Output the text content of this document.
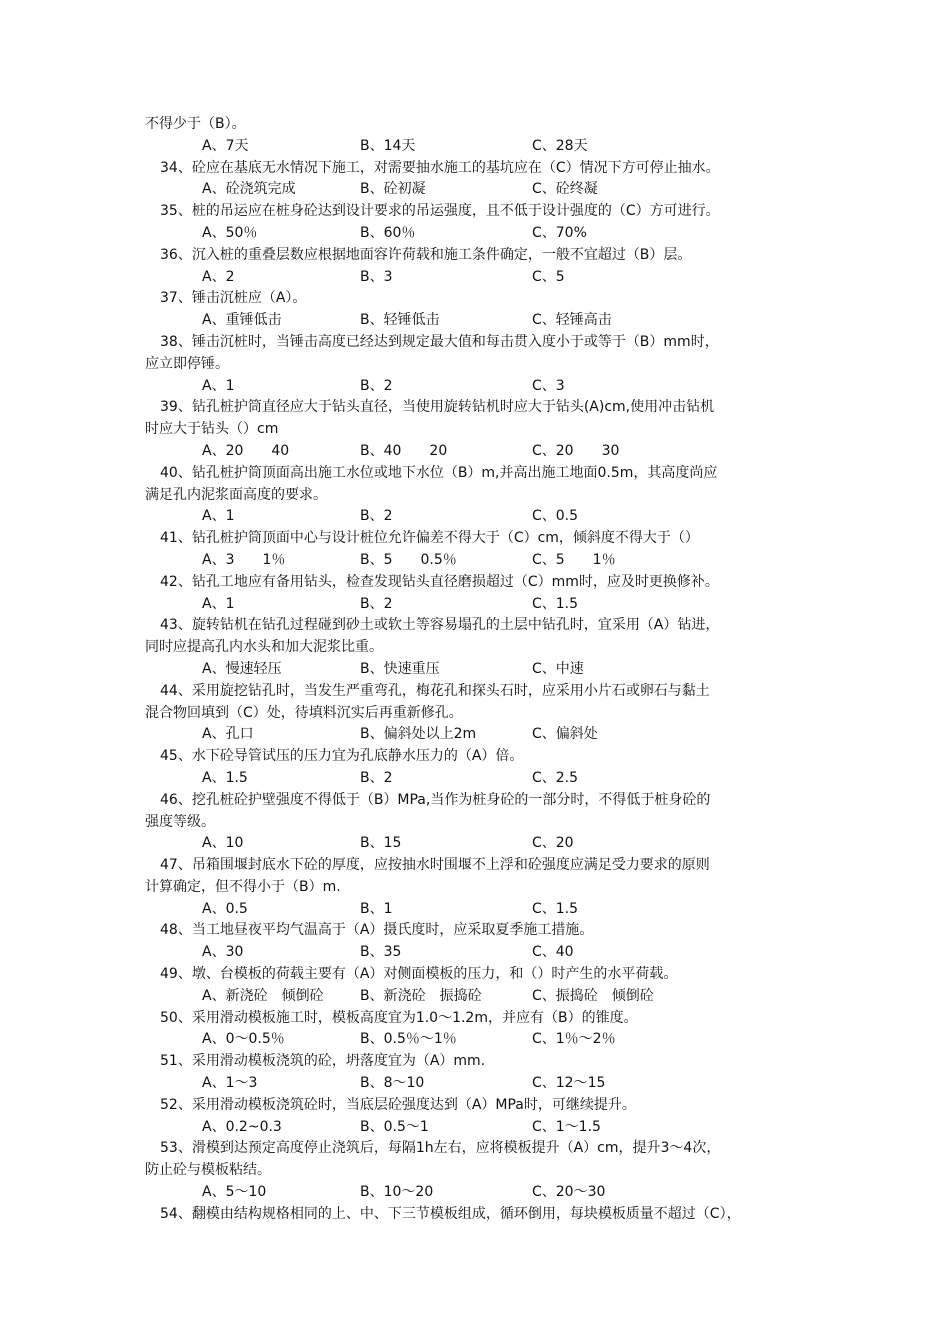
不得少于（B）。
A、7天	B、14天	C、28天
34、砼应在基底无水情况下施工，对需要抽水施工的基坑应在（C）情况下方可停止抽水。
A、砼浇筑完成	B、砼初凝	C、砼终凝
35、桩的吊运应在桩身砼达到设计要求的吊运强度，且不低于设计强度的（C）方可进行。
A、50％	B、60％	C、70%
36、沉入桩的重叠层数应根据地面容许荷载和施工条件确定，一般不宜超过（B）层。
A、2	B、3	C、5
37、锤击沉桩应（A）。
A、重锤低击	B、轻锤低击	C、轻锤高击
38、锤击沉桩时，当锤击高度已经达到规定最大值和每击贯入度小于或等于（B）mm时，
应立即停锤。
A、1	B、2	C、3
39、钻孔桩护筒直径应大于钻头直径，当使用旋转钻机时应大于钻头(A)cm,使用冲击钻机
时应大于钻头（）cm
A、20　　40	B、40　　20	C、20　　30
40、钻孔桩护筒顶面高出施工水位或地下水位（B）m,并高出施工地面0.5m，其高度尚应
满足孔内泥浆面高度的要求。
A、1	B、2	C、0.5
41、钻孔桩护筒顶面中心与设计桩位允许偏差不得大于（C）cm，倾斜度不得大于（）
A、3　　1％	B、5　　0.5％	C、5　　1％
42、钻孔工地应有备用钻头，检查发现钻头直径磨损超过（C）mm时，应及时更换修补。
A、1	B、2	C、1.5
43、旋转钻机在钻孔过程碰到砂土或软土等容易塌孔的土层中钻孔时，宜采用（A）钻进，
同时应提高孔内水头和加大泥浆比重。
A、慢速轻压	B、快速重压	C、中速
44、采用旋挖钻孔时，当发生严重弯孔，梅花孔和探头石时，应采用小片石或卵石与黏土
混合物回填到（C）处，待填料沉实后再重新修孔。
A、孔口	B、偏斜处以上2m	C、偏斜处
45、水下砼导管试压的压力宜为孔底静水压力的（A）倍。
A、1.5	B、2	C、2.5
46、挖孔桩砼护壁强度不得低于（B）MPa,当作为桩身砼的一部分时，不得低于桩身砼的
强度等级。
A、10	B、15	C、20
47、吊箱围堰封底水下砼的厚度，应按抽水时围堰不上浮和砼强度应满足受力要求的原则
计算确定，但不得小于（B）m.
A、0.5	B、1	C、1.5
48、当工地昼夜平均气温高于（A）摄氏度时，应采取夏季施工措施。
A、30	B、35	C、40
49、墩、台模板的荷载主要有（A）对侧面模板的压力，和（）时产生的水平荷载。
A、新浇砼　倾倒砼	B、新浇砼　振捣砼	C、振捣砼　倾倒砼
50、采用滑动模板施工时，模板高度宜为1.0～1.2m，并应有（B）的锥度。
A、0～0.5％	B、0.5％～1％	C、1％～2％
51、采用滑动模板浇筑的砼，坍落度宜为（A）mm.
A、1～3	B、8～10	C、12～15
52、采用滑动模板浇筑砼时，当底层砼强度达到（A）MPa时，可继续提升。
A、0.2~0.3	B、0.5～1	C、1～1.5
53、滑模到达预定高度停止浇筑后，每隔1h左右，应将模板提升（A）cm，提升3～4次，
防止砼与模板粘结。
A、5～10	B、10～20	C、20～30
54、翻模由结构规格相同的上、中、下三节模板组成，循环倒用，每块模板质量不超过（C），
